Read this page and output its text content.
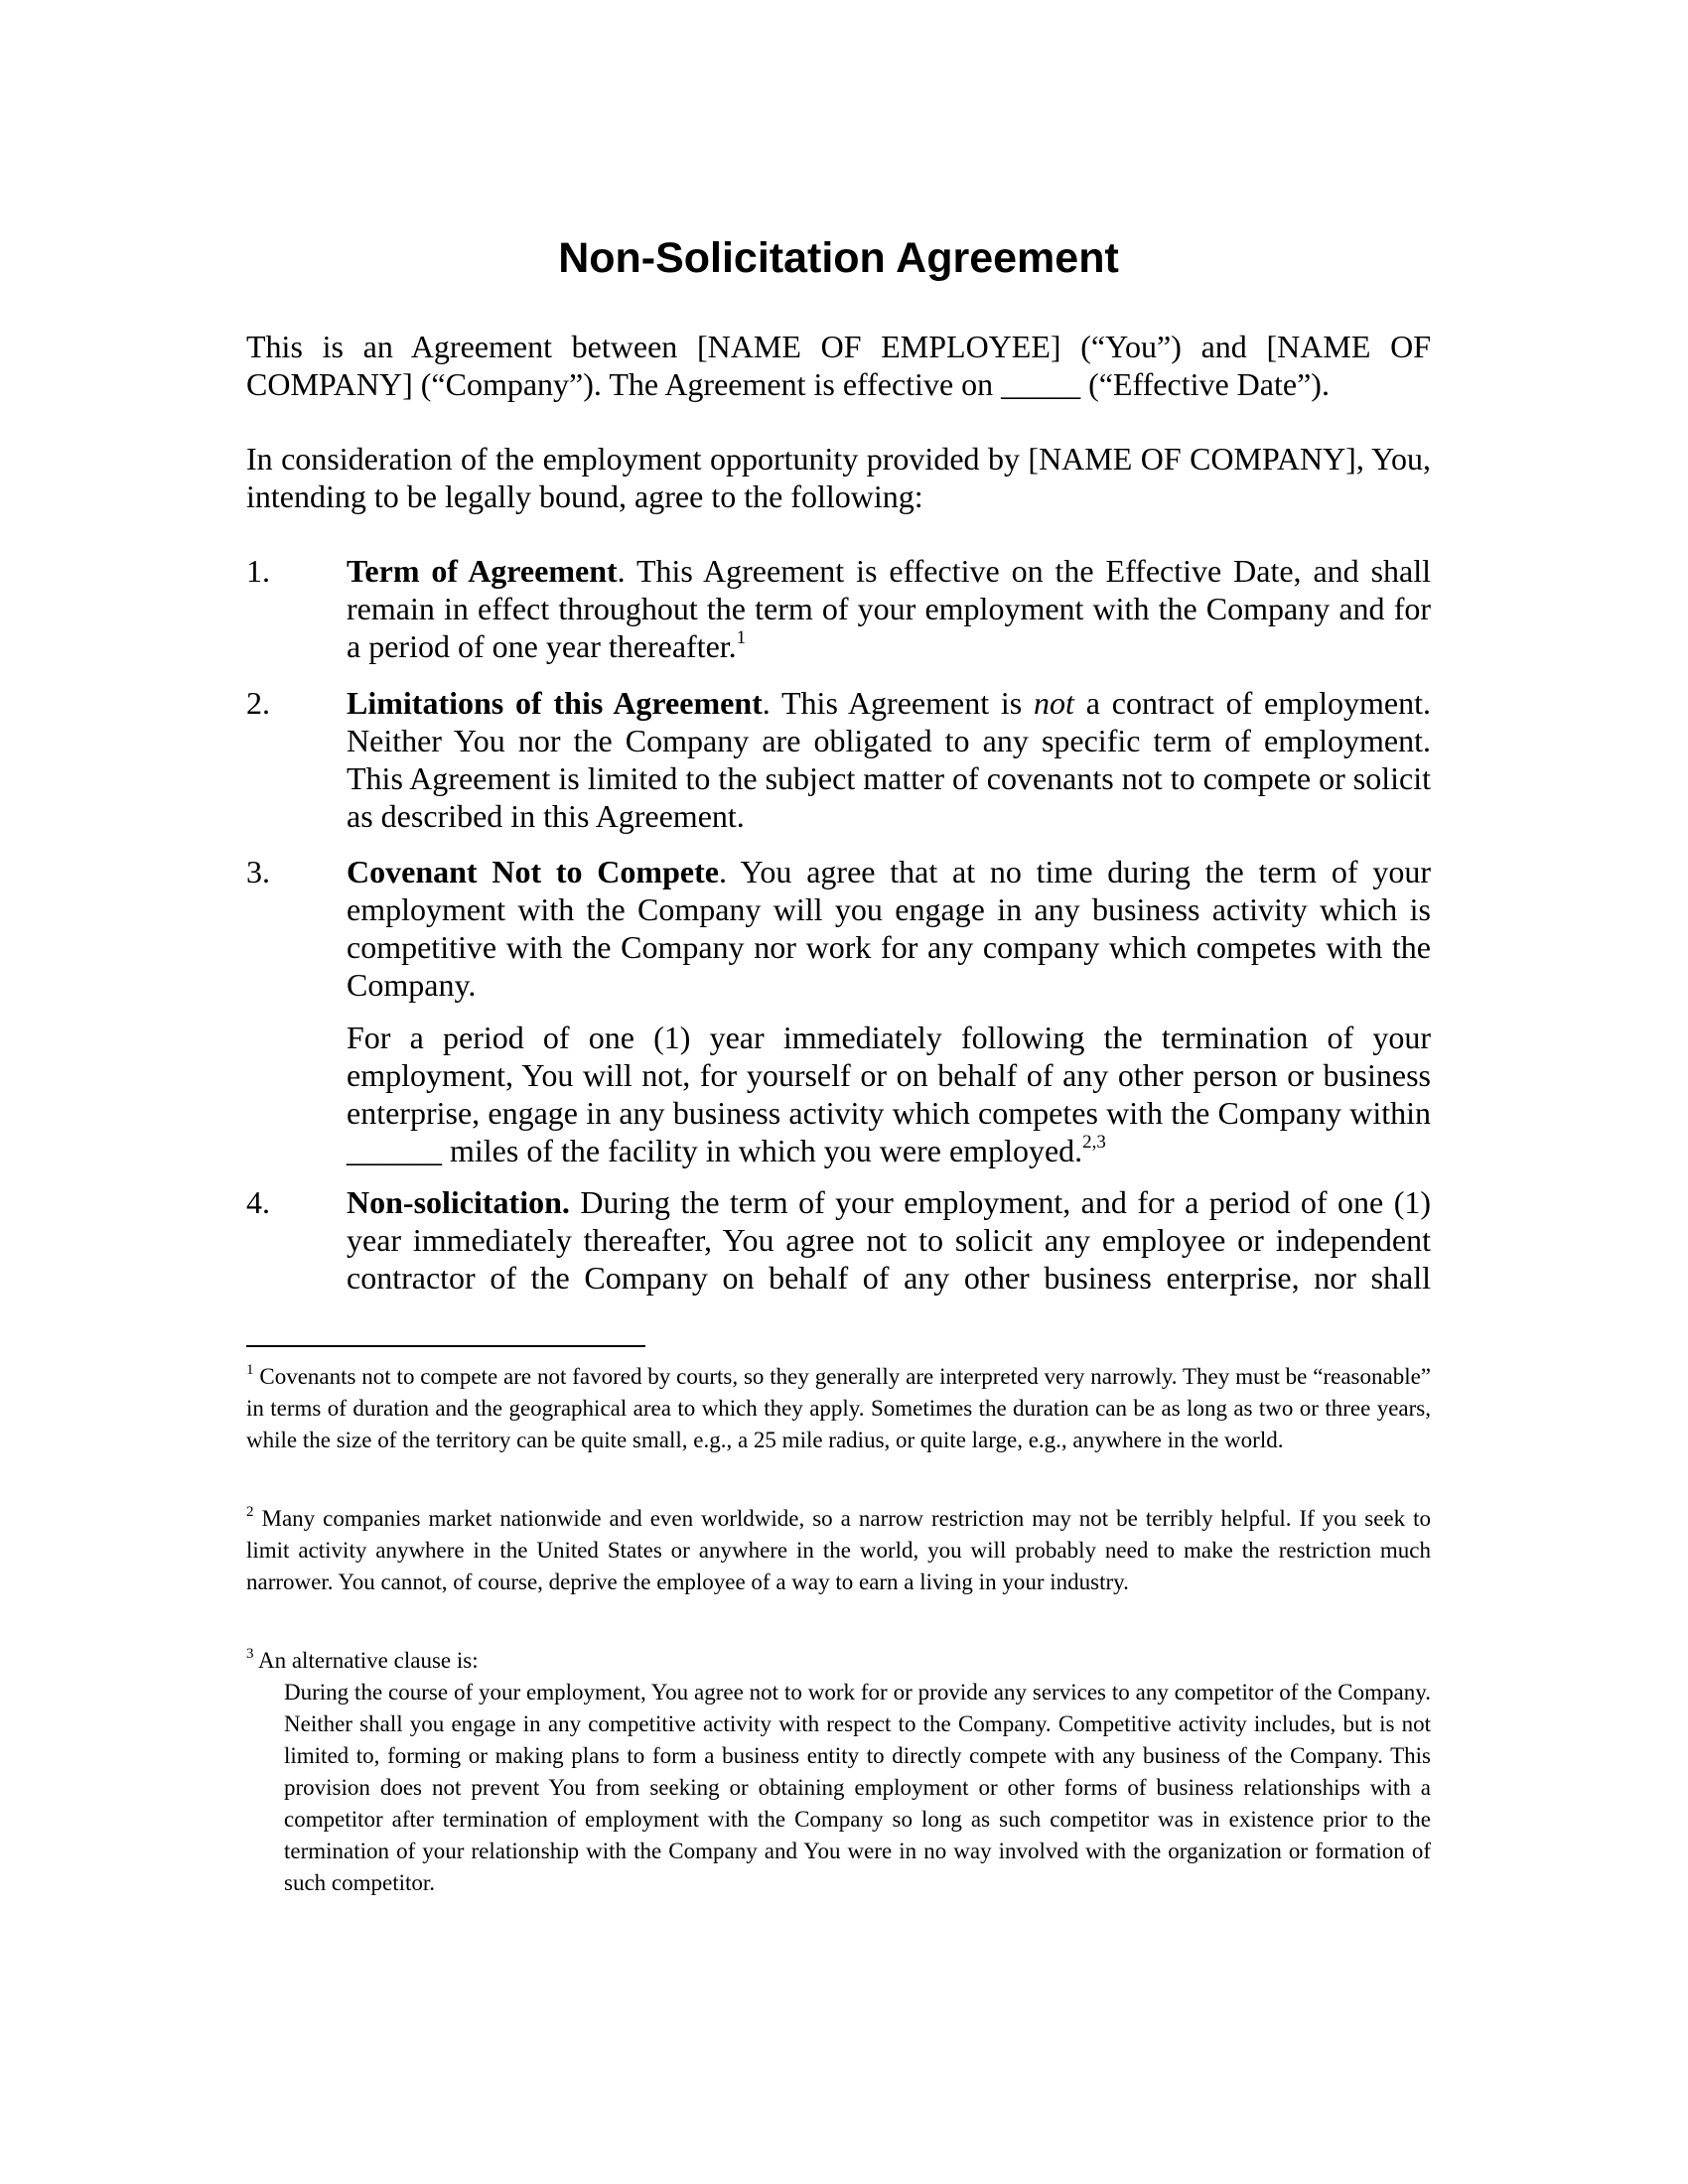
Non-Solicitation Agreement

This is an Agreement between [NAME OF EMPLOYEE] (“You”) and [NAME OF COMPANY] (“Company”). The Agreement is effective on _____ (“Effective Date”).

In consideration of the employment opportunity provided by [NAME OF COMPANY], You, intending to be legally bound, agree to the following:

1. Term of Agreement. This Agreement is effective on the Effective Date, and shall remain in effect throughout the term of your employment with the Company and for a period of one year thereafter.$^1$
2. Limitations of this Agreement. This Agreement is not a contract of employment. Neither You nor the Company are obligated to any specific term of employment. This Agreement is limited to the subject matter of covenants not to compete or solicit as described in this Agreement.
3. Covenant Not to Compete. You agree that at no time during the term of your employment with the Company will you engage in any business activity which is competitive with the Company nor work for any company which competes with the Company.
For a period of one (1) year immediately following the termination of your employment, You will not, for yourself or on behalf of any other person or business enterprise, engage in any business activity which competes with the Company within ______ miles of the facility in which you were employed.$^{2,3}$
4. Non-solicitation. During the term of your employment, and for a period of one (1) year immediately thereafter, You agree not to solicit any employee or independent contractor of the Company on behalf of any other business enterprise, nor shall
$^1$ Covenants not to compete are not favored by courts, so they generally are interpreted very narrowly. They must be “reasonable” in terms of duration and the geographical area to which they apply. Sometimes the duration can be as long as two or three years, while the size of the territory can be quite small, e.g., a 25 mile radius, or quite large, e.g., anywhere in the world.
$^2$ Many companies market nationwide and even worldwide, so a narrow restriction may not be terribly helpful. If you seek to limit activity anywhere in the United States or anywhere in the world, you will probably need to make the restriction much narrower. You cannot, of course, deprive the employee of a way to earn a living in your industry.
$^3$ An alternative clause is:
During the course of your employment, You agree not to work for or provide any services to any competitor of the Company. Neither shall you engage in any competitive activity with respect to the Company. Competitive activity includes, but is not limited to, forming or making plans to form a business entity to directly compete with any business of the Company. This provision does not prevent You from seeking or obtaining employment or other forms of business relationships with a competitor after termination of employment with the Company so long as such competitor was in existence prior to the termination of your relationship with the Company and You were in no way involved with the organization or formation of such competitor.
